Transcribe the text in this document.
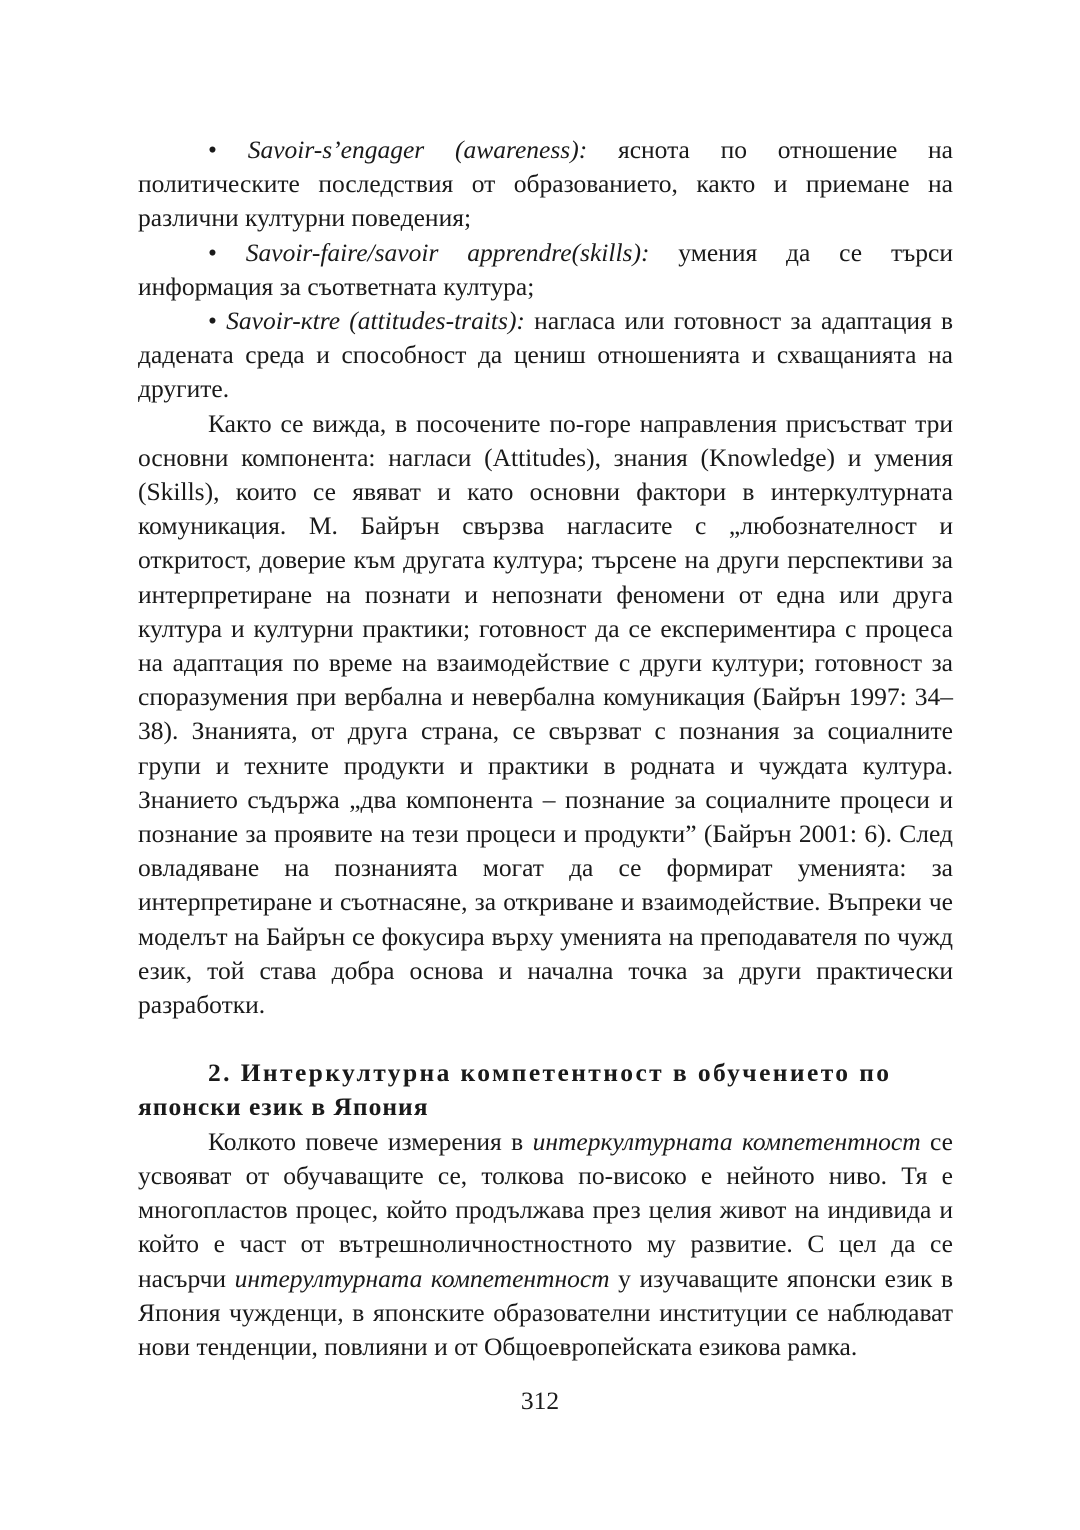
• Savoir-s’engager (awareness): яснота по отношение на политическите последствия от образованието, както и приемане на различни културни поведения;

• Savoir-faire/savoir apprendre(skills): умения да се търси информация за съответната култура;

• Savoir-кtre (attitudes-traits): нагласа или готовност за адаптация в дадената среда и способност да цениш отношенията и схващанията на другите.

Както се вижда, в посочените по-горе направления присъстват три основни компонента: нагласи (Attitudes), знания (Knowledge) и умения (Skills), които се явяват и като основни фактори в интеркултурната комуникация. М. Байрън свързва нагласите с „любознателност и откритост, доверие към другата култура; търсене на други перспективи за интерпретиране на познати и непознати феномени от една или друга култура и културни практики; готовност да се експериментира с процеса на адаптация по време на взаимодействие с други култури; готовност за споразумения при вербална и невербална комуникация (Байрън 1997: 34–38). Знанията, от друга страна, се свързват с познания за социалните групи и техните продукти и практики в родната и чуждата култура. Знанието съдържа „два компонента – познание за социалните процеси и познание за проявите на тези процеси и продукти” (Байрън 2001: 6). След овладяване на познанията могат да се формират уменията: за интерпретиране и съотнасяне, за откриване и взаимодействие. Въпреки че моделът на Байрън се фокусира върху уменията на преподавателя по чужд език, той става добра основа и начална точка за други практически разработки.

2. Интеркултурна компетентност в обучението по
японски език в Япония

Колкото повече измерения в интеркултурната компетентност се усвояват от обучаващите се, толкова по-високо е нейното ниво. Тя е многопластов процес, който продължава през целия живот на индивида и който е част от вътрешноличностностното му развитие. С цел да се насърчи интерултурната компетентност у изучаващите японски език в Япония чужденци, в японските образователни институции се наблюдават нови тенденции, повлияни и от Общоевропейската езикова рамка.

312
